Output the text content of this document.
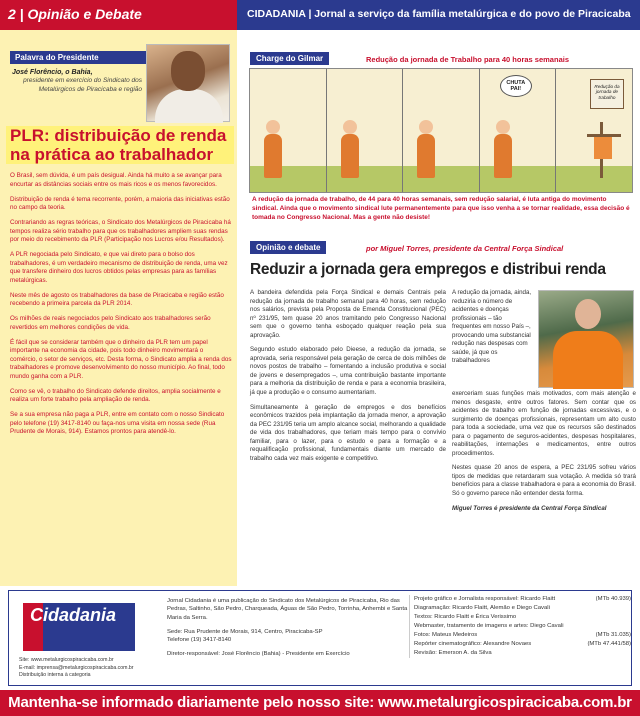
2 | Opinião e Debate	CIDADANIA | Jornal a serviço da família metalúrgica e do povo de Piracicaba
Palavra do Presidente
José Florêncio, o Bahia,
presidente em exercício do Sindicato dos Metalúrgicos de Piracicaba e região
PLR: distribuição de renda
na prática ao trabalhador

O Brasil, sem dúvida, é um país desigual. Ainda há muito a se avançar para encurtar as distâncias sociais entre os mais ricos e os menos favorecidos.

Distribuição de renda é tema recorrente, porém, a maioria das iniciativas estão no campo da teoria.

Contrariando as regras teóricas, o Sindicato dos Metalúrgicos de Piracicaba há tempos realiza sério trabalho para que os trabalhadores ampliem suas rendas por meio do recebimento da PLR (Participação nos Lucros e/ou Resultados).

A PLR negociada pelo Sindicato, e que vai direto para o bolso dos trabalhadores, é um verdadeiro mecanismo de distribuição de renda, uma vez que transfere dinheiro dos lucros obtidos pelas empresas para as famílias metalúrgicas.

Neste mês de agosto os trabalhadores da base de Piracicaba e região estão recebendo a primeira parcela da PLR 2014.

Os milhões de reais negociados pelo Sindicato aos trabalhadores serão revertidos em melhores condições de vida.

É fácil que se considerar também que o dinheiro da PLR tem um papel importante na economia da cidade, pois todo dinheiro movimentará o comércio, o setor de serviços, etc. Desta forma, o Sindicato amplia a renda dos trabalhadores e promove desenvolvimento do nosso município. Ao final, todo mundo ganha com a PLR.

Como se vê, o trabalho do Sindicato defende direitos, amplia socialmente e realiza um forte trabalho pela ampliação de renda.

Se a sua empresa não paga a PLR, entre em contato com o nosso Sindicato pelo telefone (19) 3417-8140 ou faça-nos uma visita em nossa sede (Rua Prudente de Morais, 914). Estamos prontos para atendê-lo.

Charge do Gilmar	Redução da jornada de Trabalho para 40 horas semanais
CHUTA PAI!	Redução da jornada de trabalho
A redução da jornada de trabalho, de 44 para 40 horas semanais, sem redução salarial, é luta antiga do movimento sindical. Ainda que o movimento sindical lute permanentemente para que isso venha a se tornar realidade, essa decisão é tomada no Congresso Nacional. Mas a gente não desiste!
Opinião e debate	por Miguel Torres, presidente da Central Força Sindical
Reduzir a jornada gera empregos e distribui renda

A bandeira defendida pela Força Sindical e demais Centrais pela redução da jornada de trabalho semanal para 40 horas, sem redução nos salários, prevista pela Proposta de Emenda Constitucional (PEC) nº 231/95, tem quase 20 anos tramitando pelo Congresso Nacional sem que o governo tenha esboçado qualquer reação pela sua aprovação.

Segundo estudo elaborado pelo Dieese, a redução da jornada, se aprovada, seria responsável pela geração de cerca de dois milhões de novos postos de trabalho – fomentando a inclusão produtiva e social de jovens e desempregados –, uma contribuição bastante importante para a melhoria da distribuição de renda e para a economia brasileira, já que a produção e o consumo aumentariam.

Simultaneamente à geração de empregos e dos benefícios econômicos trazidos pela implantação da jornada menor, a aprovação da PEC 231/95 teria um amplo alcance social, melhorando a qualidade de vida dos trabalhadores, que teriam mais tempo para o convívio familiar, para o lazer, para o estudo e para a formação e a requalificação profissional, fundamentais diante um mercado de trabalho cada vez mais exigente e competitivo.

A redução da jornada, ainda, reduziria o número de acidentes e doenças profissionais – tão frequentes em nosso País –, provocando uma substancial redução nas despesas com saúde, já que os trabalhadores

exerceriam suas funções mais motivados, com mais atenção e menos desgaste, entre outros fatores. Sem contar que os acidentes de trabalho em função de jornadas excessivas, e o surgimento de doenças profissionais, representam um alto custo para toda a sociedade, uma vez que os recursos são destinados para o pagamento de seguros-acidentes, despesas hospitalares, reabilitações, internações e medicamentos, entre outros procedimentos.

Nestes quase 20 anos de espera, a PEC 231/95 sofreu vários tipos de medidas que retardaram sua votação. A medida só trará benefícios para a classe trabalhadora e para a economia do Brasil. Só o governo parece não entender desta forma.

Miguel Torres é presidente da Central Força Sindical

Cidadania
Site: www.metalurgicospiracicaba.com.br
E-mail: imprensa@metalurgicospiracicaba.com.br
Distribuição interna à categoria
Jornal Cidadania é uma publicação do Sindicato dos Metalúrgicos de Piracicaba, Rio das Pedras, Saltinho, São Pedro, Charqueada, Águas de São Pedro, Torrinha, Anhembi e Santa Maria da Serra.
Sede: Rua Prudente de Morais, 914, Centro, Piracicaba-SP
Telefone (19) 3417-8140
Diretor-responsável: José Florêncio (Bahia) - Presidente em Exercício
Projeto gráfico e Jornalista responsável: Ricardo Flaitt	(MTb 40.939)
Diagramação: Ricardo Flaitt, Alemão e Diego Cavali
Textos: Ricardo Flaitt e Érica Verissimo
Webmaster, tratamento de imagens e artes: Diego Cavali
Fotos: Mateus Medeiros	(MTb 31.035)
Repórter cinematográfico: Alexandre Novaes	(MTb 47.441/58)
Revisão: Emerson A. da Silva
Mantenha-se informado diariamente pelo nosso site: www.metalurgicospiracicaba.com.br
